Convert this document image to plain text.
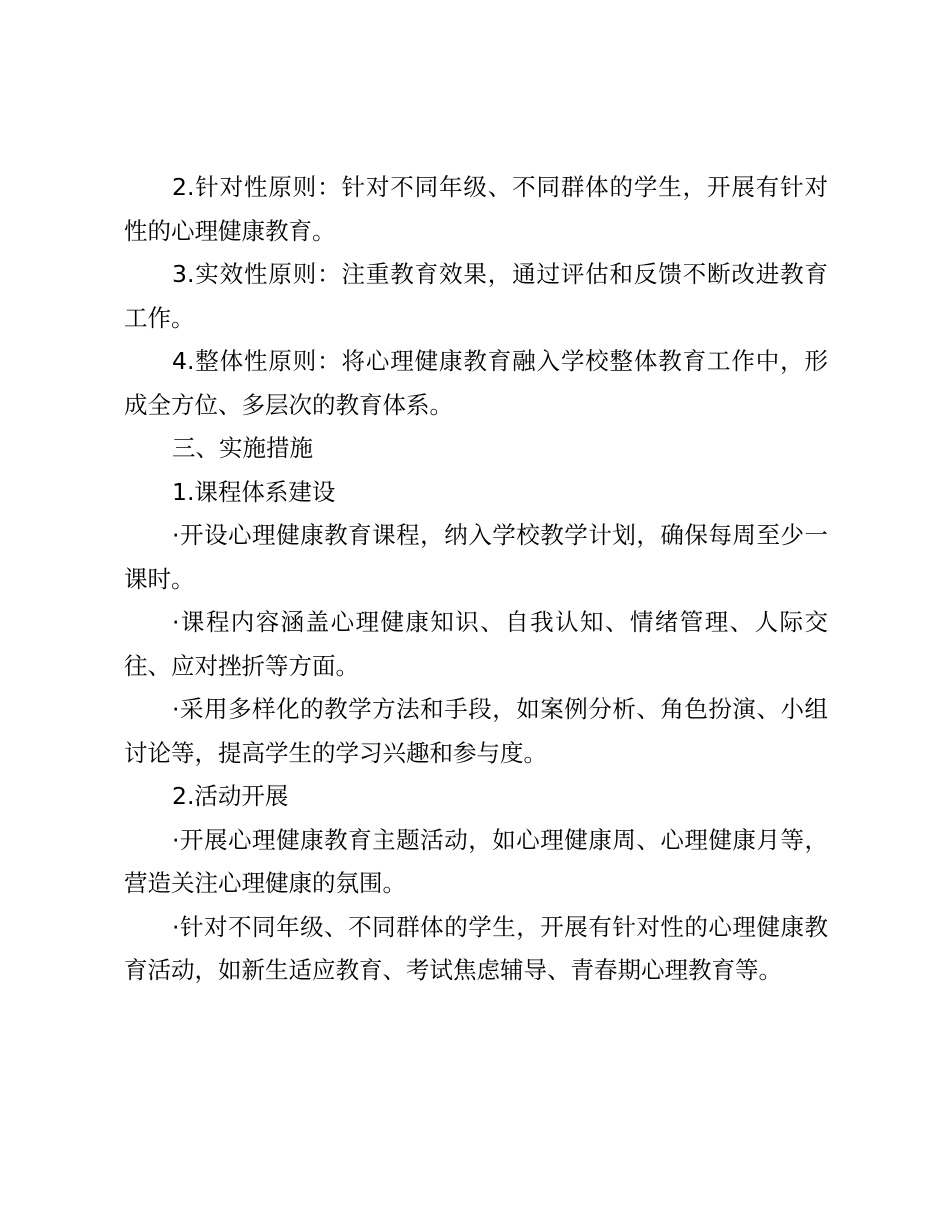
2.针对性原则：针对不同年级、不同群体的学生，开展有针对性的心理健康教育。

3.实效性原则：注重教育效果，通过评估和反馈不断改进教育工作。

4.整体性原则：将心理健康教育融入学校整体教育工作中，形成全方位、多层次的教育体系。

三、实施措施

1.课程体系建设

·开设心理健康教育课程，纳入学校教学计划，确保每周至少一课时。

·课程内容涵盖心理健康知识、自我认知、情绪管理、人际交往、应对挫折等方面。

·采用多样化的教学方法和手段，如案例分析、角色扮演、小组讨论等，提高学生的学习兴趣和参与度。

2.活动开展

·开展心理健康教育主题活动，如心理健康周、心理健康月等，营造关注心理健康的氛围。

·针对不同年级、不同群体的学生，开展有针对性的心理健康教育活动，如新生适应教育、考试焦虑辅导、青春期心理教育等。
